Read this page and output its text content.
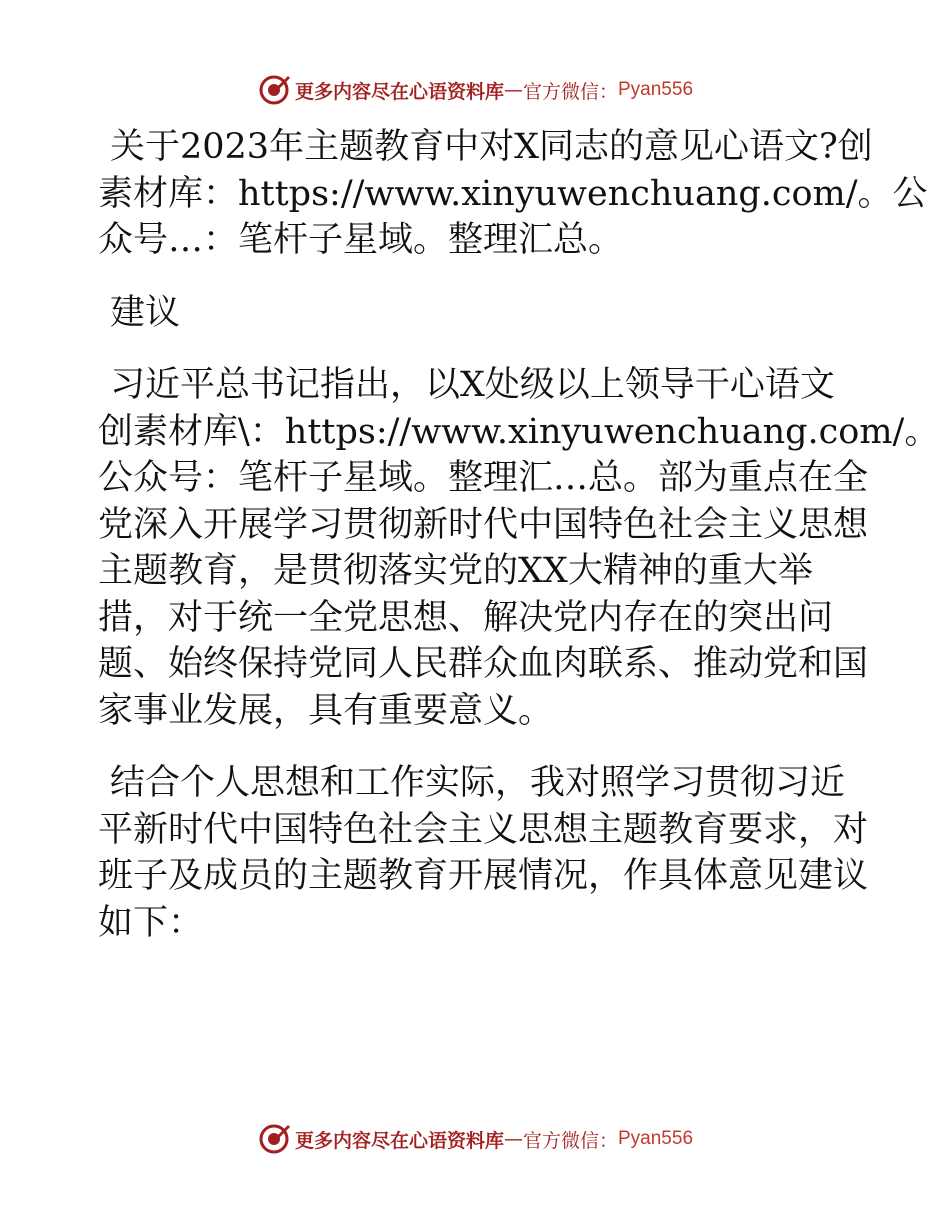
更多内容尽在心语资料库 — 官方微信： Pyan556

关于2023年主题教育中对X同志的意见心语文?创
素材库：https://www.xinyuwenchuang.com/。公
众号…：笔杆子星域。整理汇总。

建议

习近平总书记指出，以X处级以上领导干心语文
创素材库\：https://www.xinyuwenchuang.com/。
公众号：笔杆子星域。整理汇…总。部为重点在全
党深入开展学习贯彻新时代中国特色社会主义思想
主题教育，是贯彻落实党的XX大精神的重大举
措，对于统一全党思想、解决党内存在的突出问
题、始终保持党同人民群众血肉联系、推动党和国
家事业发展，具有重要意义。

结合个人思想和工作实际，我对照学习贯彻习近
平新时代中国特色社会主义思想主题教育要求，对
班子及成员的主题教育开展情况，作具体意见建议
如下：

更多内容尽在心语资料库 — 官方微信： Pyan556
